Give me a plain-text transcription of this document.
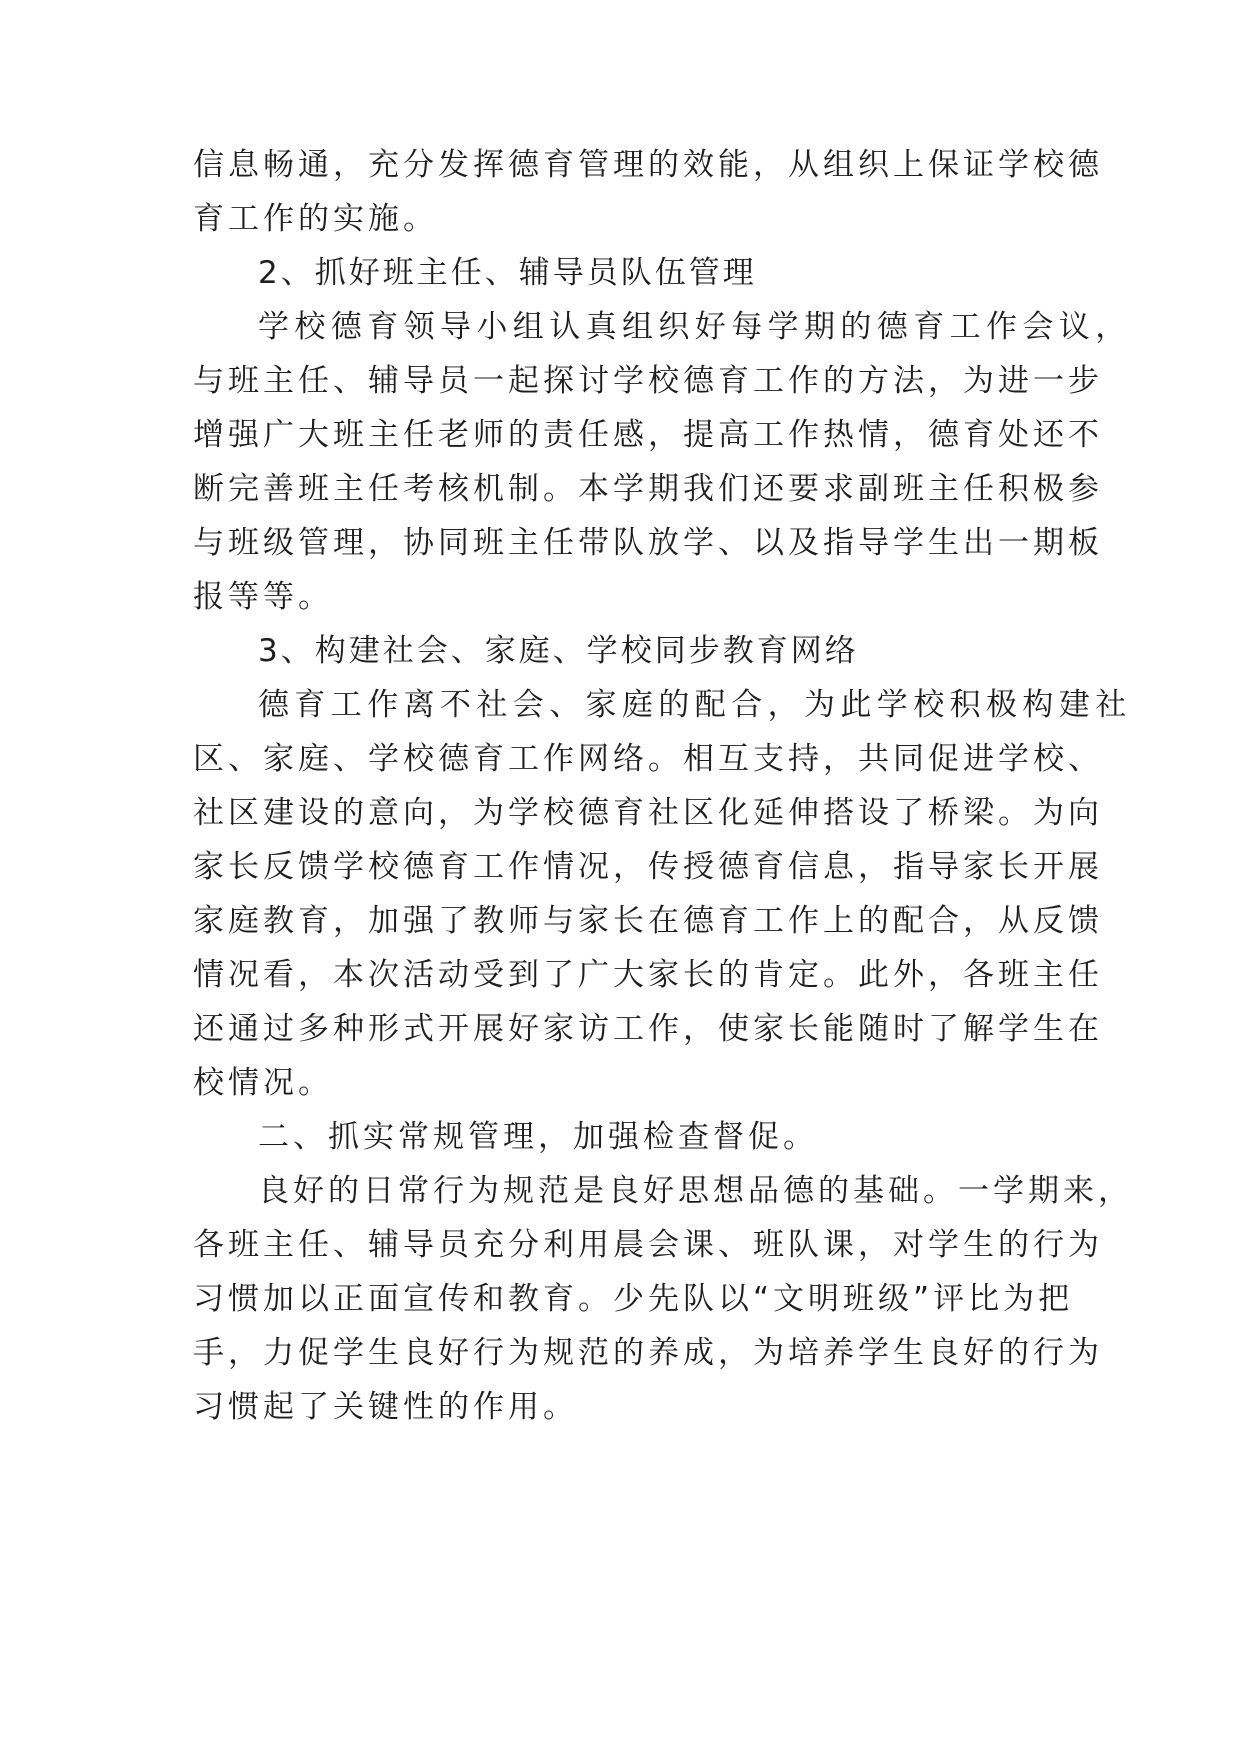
信息畅通，充分发挥德育管理的效能，从组织上保证学校德
育工作的实施。
2、抓好班主任、辅导员队伍管理
学校德育领导小组认真组织好每学期的德育工作会议，
与班主任、辅导员一起探讨学校德育工作的方法，为进一步
增强广大班主任老师的责任感，提高工作热情，德育处还不
断完善班主任考核机制。本学期我们还要求副班主任积极参
与班级管理，协同班主任带队放学、以及指导学生出一期板
报等等。
3、构建社会、家庭、学校同步教育网络
德育工作离不社会、家庭的配合，为此学校积极构建社
区、家庭、学校德育工作网络。相互支持，共同促进学校、
社区建设的意向，为学校德育社区化延伸搭设了桥梁。为向
家长反馈学校德育工作情况，传授德育信息，指导家长开展
家庭教育，加强了教师与家长在德育工作上的配合，从反馈
情况看，本次活动受到了广大家长的肯定。此外，各班主任
还通过多种形式开展好家访工作，使家长能随时了解学生在
校情况。
二、抓实常规管理，加强检查督促。
良好的日常行为规范是良好思想品德的基础。一学期来，
各班主任、辅导员充分利用晨会课、班队课，对学生的行为
习惯加以正面宣传和教育。少先队以“文明班级”评比为把
手，力促学生良好行为规范的养成，为培养学生良好的行为
习惯起了关键性的作用。
